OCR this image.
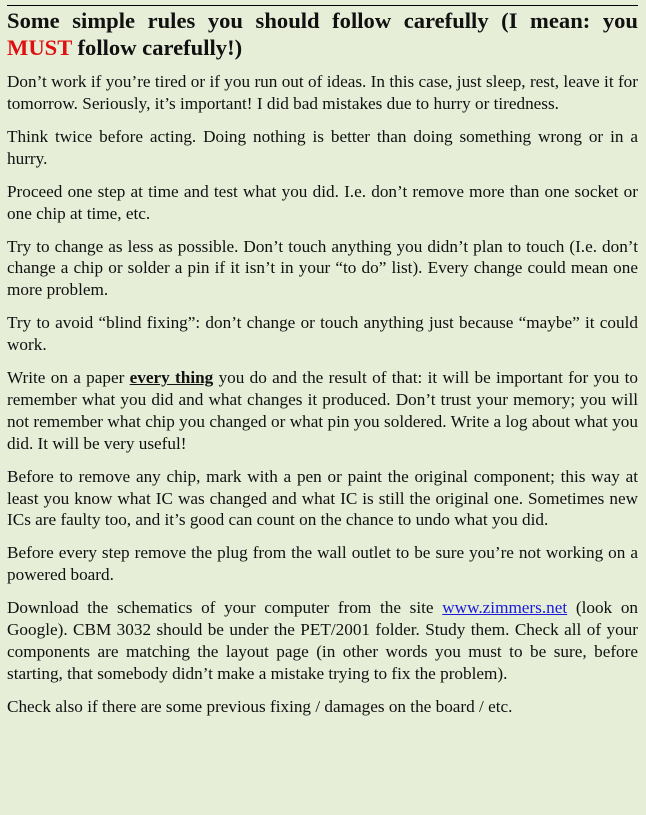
Some simple rules you should follow carefully (I mean: you MUST follow carefully!)

Don’t work if you’re tired or if you run out of ideas. In this case, just sleep, rest, leave it for tomorrow. Seriously, it’s important! I did bad mistakes due to hurry or tiredness.

Think twice before acting. Doing nothing is better than doing something wrong or in a hurry.

Proceed one step at time and test what you did. I.e. don’t remove more than one socket or one chip at time, etc.

Try to change as less as possible. Don’t touch anything you didn’t plan to touch (I.e. don’t change a chip or solder a pin if it isn’t in your “to do” list). Every change could mean one more problem.

Try to avoid “blind fixing”: don’t change or touch anything just because “maybe” it could work.

Write on a paper every thing you do and the result of that: it will be important for you to remember what you did and what changes it produced. Don’t trust your memory; you will not remember what chip you changed or what pin you soldered. Write a log about what you did. It will be very useful!

Before to remove any chip, mark with a pen or paint the original component; this way at least you know what IC was changed and what IC is still the original one. Sometimes new ICs are faulty too, and it’s good can count on the chance to undo what you did.

Before every step remove the plug from the wall outlet to be sure you’re not working on a powered board.

Download the schematics of your computer from the site www.zimmers.net (look on Google). CBM 3032 should be under the PET/2001 folder. Study them. Check all of your components are matching the layout page (in other words you must to be sure, before starting, that somebody didn’t make a mistake trying to fix the problem).

Check also if there are some previous fixing / damages on the board / etc.
